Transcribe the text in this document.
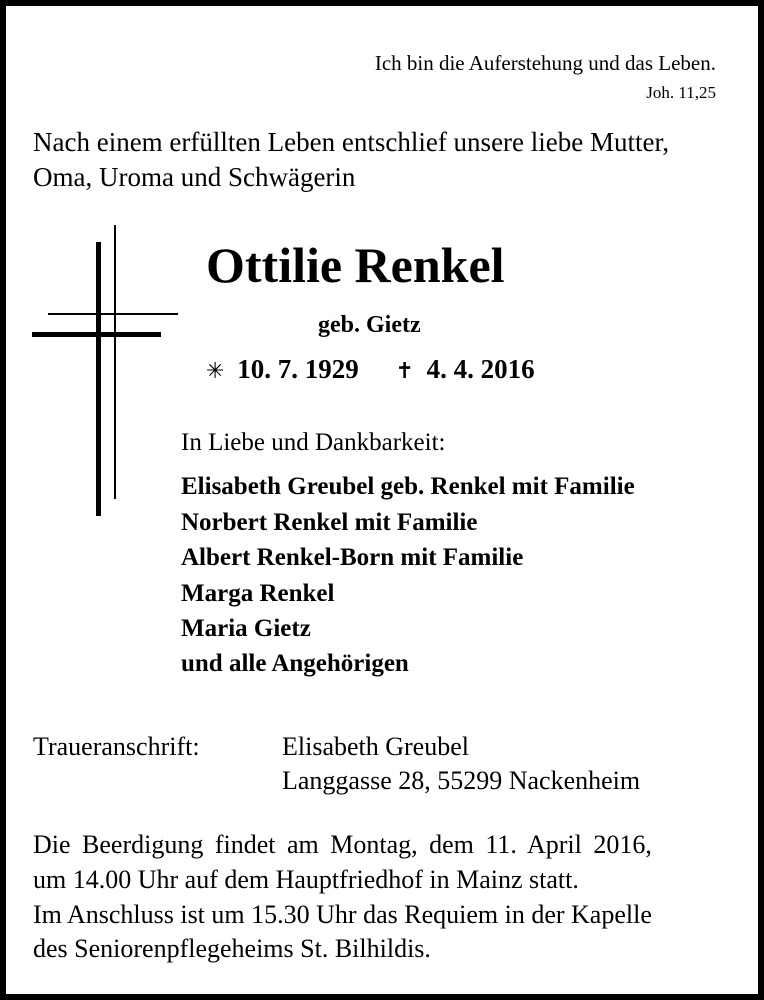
Ich bin die Auferstehung und das Leben.
Joh. 11,25
Nach einem erfüllten Leben entschlief unsere liebe Mutter,
Oma, Uroma und Schwägerin
Ottilie Renkel
geb. Gietz
✳ 10. 7. 1929 ✝ 4. 4. 2016
In Liebe und Dankbarkeit:
Elisabeth Greubel geb. Renkel mit Familie
Norbert Renkel mit Familie
Albert Renkel-Born mit Familie
Marga Renkel
Maria Gietz
und alle Angehörigen
Traueranschrift:	Elisabeth Greubel
Langgasse 28, 55299 Nackenheim
Die Beerdigung findet am Montag, dem 11. April 2016,
um 14.00 Uhr auf dem Hauptfriedhof in Mainz statt.
Im Anschluss ist um 15.30 Uhr das Requiem in der Kapelle
des Seniorenpflegeheims St. Bilhildis.
